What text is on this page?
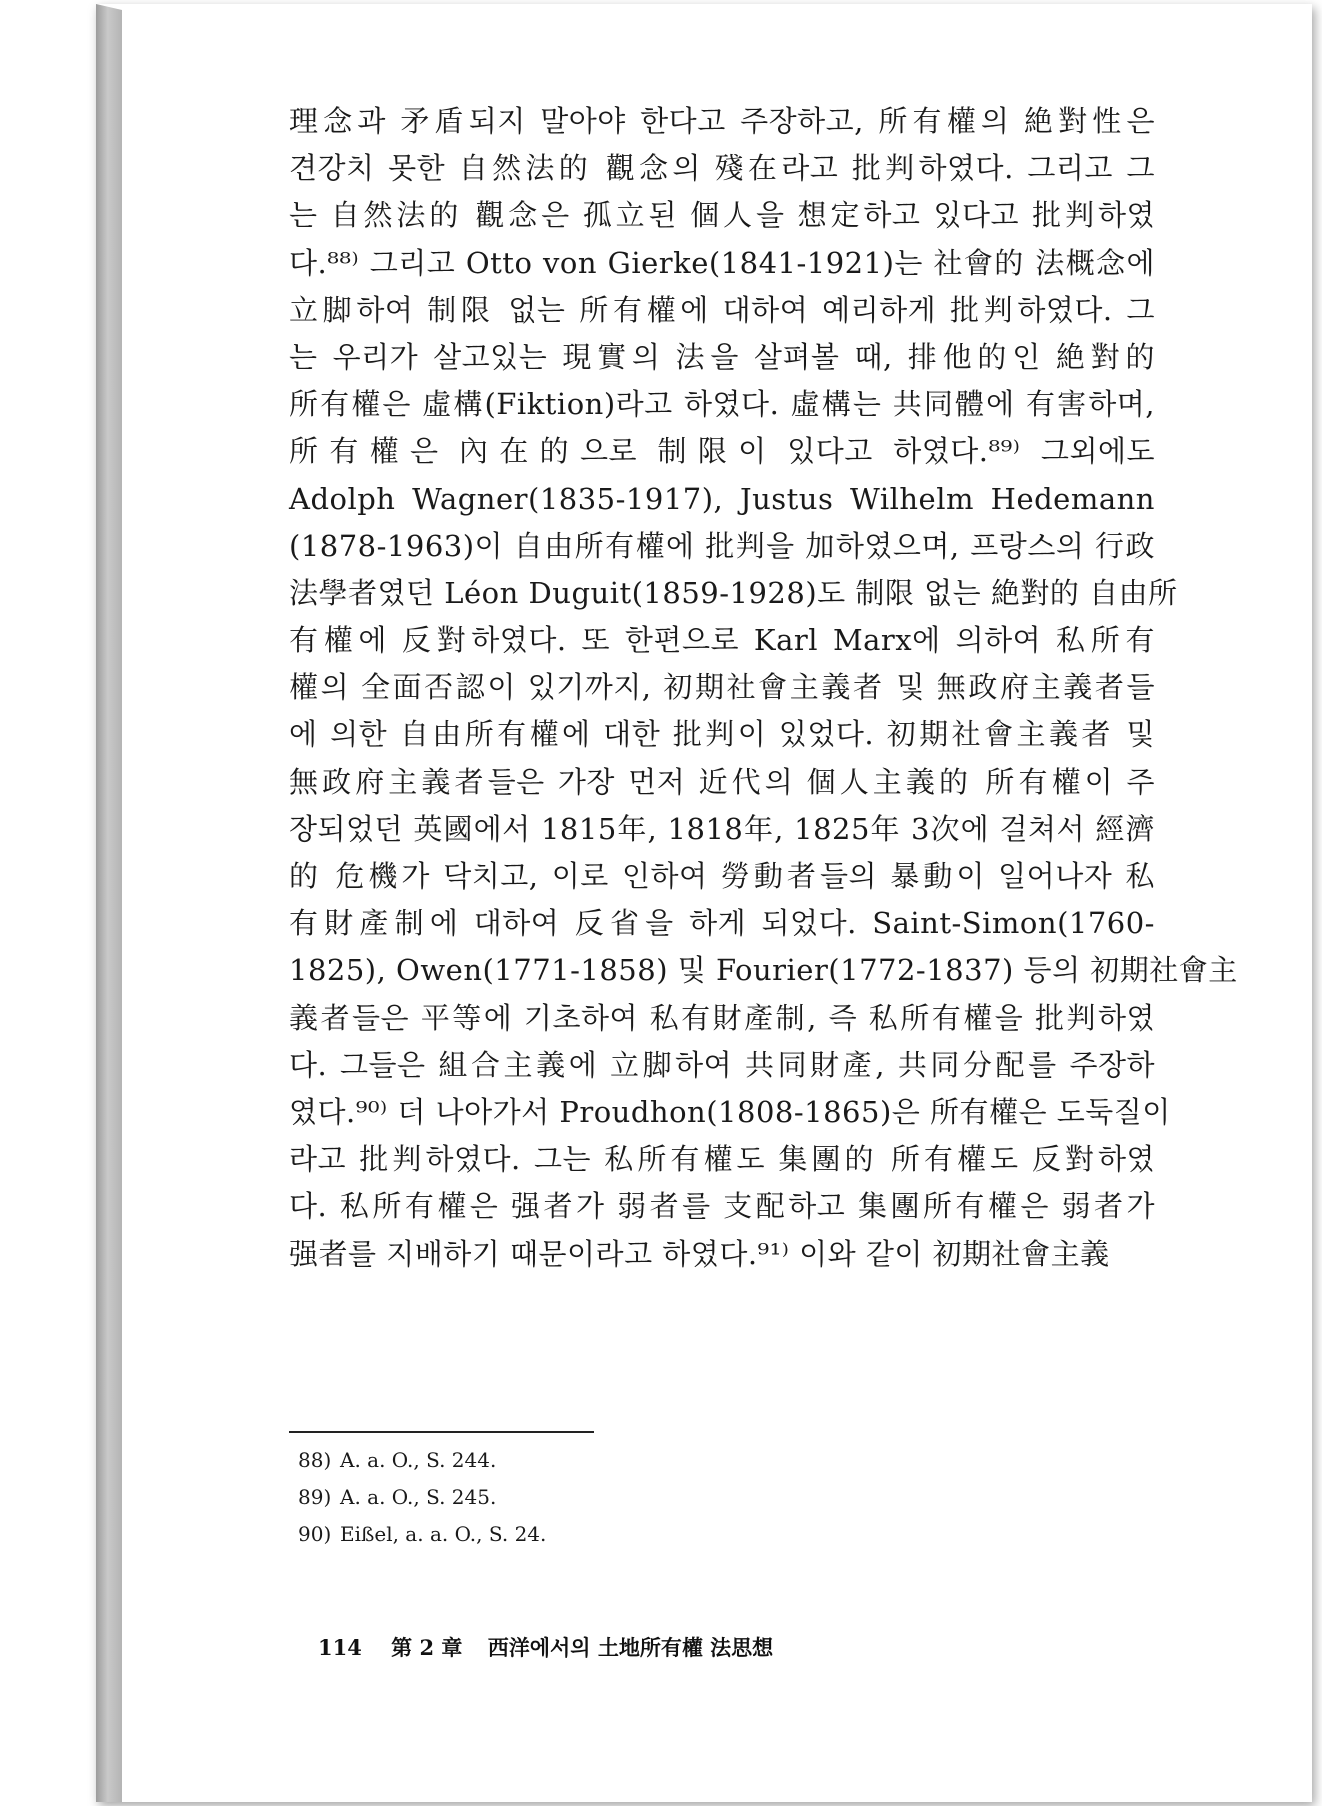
理念과 矛盾되지 말아야 한다고 주장하고, 所有權의 絶對性은
견강치 못한 自然法的 觀念의 殘在라고 批判하였다. 그리고 그
는 自然法的 觀念은 孤立된 個人을 想定하고 있다고 批判하였
다.⁸⁸⁾ 그리고 Otto von Gierke(1841-1921)는 社會的 法概念에
立脚하여 制限 없는 所有權에 대하여 예리하게 批判하였다. 그
는 우리가 살고있는 現實의 法을 살펴볼 때, 排他的인 絶對的
所有權은 虛構(Fiktion)라고 하였다. 虛構는 共同體에 有害하며,
所有權은 內在的으로 制限이 있다고 하였다.⁸⁹⁾ 그외에도
Adolph Wagner(1835-1917), Justus Wilhelm Hedemann
(1878-1963)이 自由所有權에 批判을 加하였으며, 프랑스의 行政
法學者였던 Léon Duguit(1859-1928)도 制限 없는 絶對的 自由所
有權에 反對하였다. 또 한편으로 Karl Marx에 의하여 私所有
權의 全面否認이 있기까지, 初期社會主義者 및 無政府主義者들
에 의한 自由所有權에 대한 批判이 있었다. 初期社會主義者 및
無政府主義者들은 가장 먼저 近代의 個人主義的 所有權이 주
장되었던 英國에서 1815年, 1818年, 1825年 3次에 걸쳐서 經濟
的 危機가 닥치고, 이로 인하여 勞動者들의 暴動이 일어나자 私
有財產制에 대하여 反省을 하게 되었다. Saint-Simon(1760-
1825), Owen(1771-1858) 및 Fourier(1772-1837) 등의 初期社會主
義者들은 平等에 기초하여 私有財產制, 즉 私所有權을 批判하였
다. 그들은 組合主義에 立脚하여 共同財產, 共同分配를 주장하
였다.⁹⁰⁾ 더 나아가서 Proudhon(1808-1865)은 所有權은 도둑질이
라고 批判하였다. 그는 私所有權도 集團的 所有權도 反對하였
다. 私所有權은 强者가 弱者를 支配하고 集團所有權은 弱者가
强者를 지배하기 때문이라고 하였다.⁹¹⁾ 이와 같이 初期社會主義
88) A. a. O., S. 244.
89) A. a. O., S. 245.
90) Eißel, a. a. O., S. 24.
114 第 2 章 西洋에서의 土地所有權 法思想
